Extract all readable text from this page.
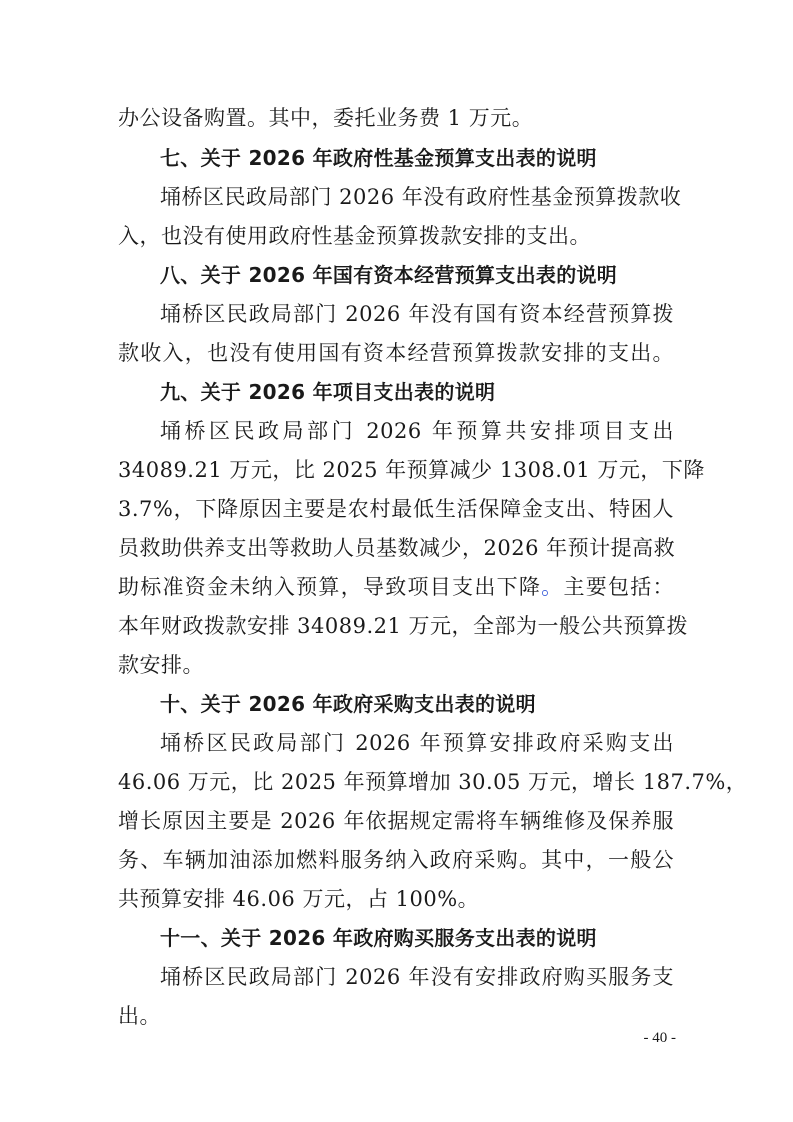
办公设备购置。其中，委托业务费 1 万元。
七、关于 2026 年政府性基金预算支出表的说明
埇桥区民政局部门 2026 年没有政府性基金预算拨款收
入，也没有使用政府性基金预算拨款安排的支出。
八、关于 2026 年国有资本经营预算支出表的说明
埇桥区民政局部门 2026 年没有国有资本经营预算拨
款收入，也没有使用国有资本经营预算拨款安排的支出。
九、关于 2026 年项目支出表的说明
埇桥区民政局部门 2026 年预算共安排项目支出
34089.21 万元，比 2025 年预算减少 1308.01 万元，下降
3.7%，下降原因主要是农村最低生活保障金支出、特困人
员救助供养支出等救助人员基数减少，2026 年预计提高救
助标准资金未纳入预算，导致项目支出下降。主要包括：
本年财政拨款安排 34089.21 万元，全部为一般公共预算拨
款安排。
十、关于 2026 年政府采购支出表的说明
埇桥区民政局部门 2026 年预算安排政府采购支出
46.06 万元，比 2025 年预算增加 30.05 万元，增长 187.7%，
增长原因主要是 2026 年依据规定需将车辆维修及保养服
务、车辆加油添加燃料服务纳入政府采购。其中，一般公
共预算安排 46.06 万元，占 100%。
十一、关于 2026 年政府购买服务支出表的说明
埇桥区民政局部门 2026 年没有安排政府购买服务支
出。
- 40 -
